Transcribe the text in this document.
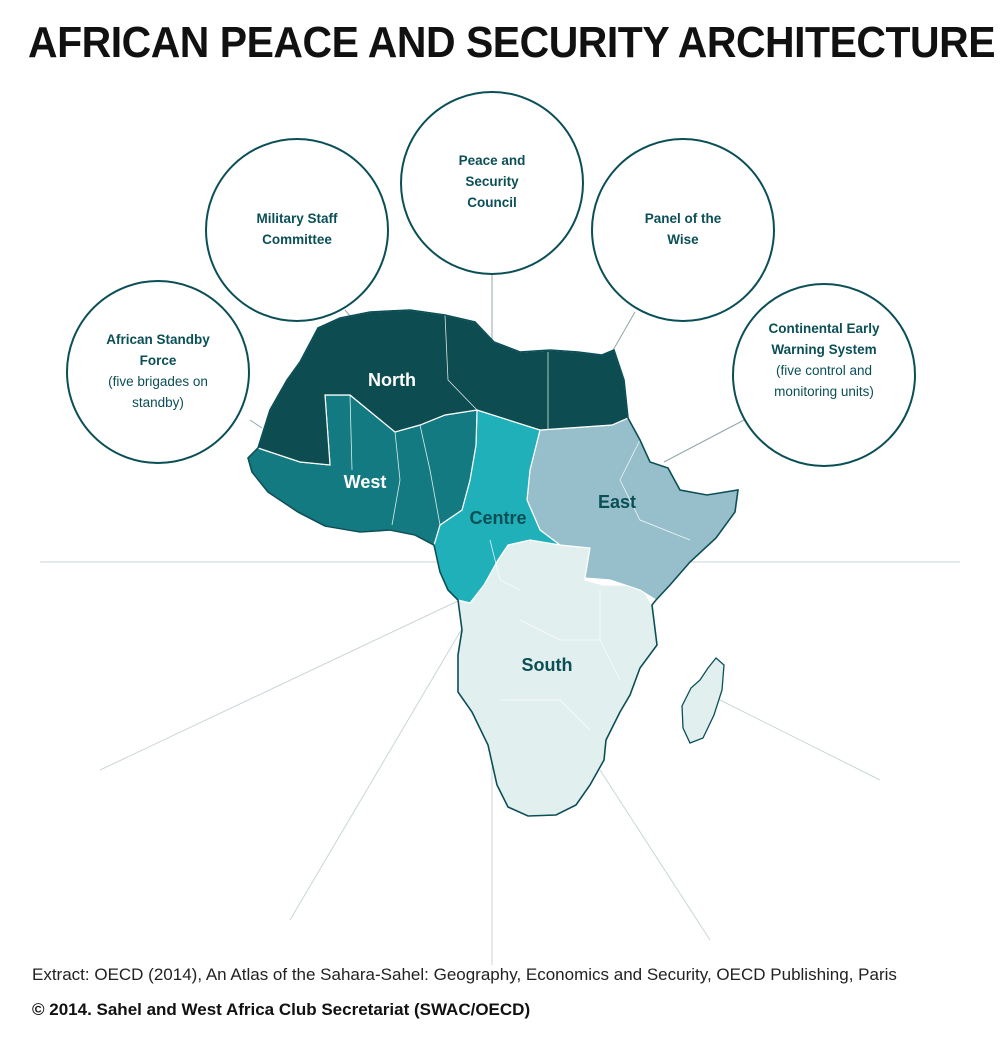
AFRICAN PEACE AND SECURITY ARCHITECTURE
North
West
Centre
East
South
African Standby Force
(five brigades on standby)
Military Staff Committee
Peace and Security Council
Panel of the Wise
Continental Early Warning System
(five control and monitoring units)
Extract: OECD (2014), An Atlas of the Sahara-Sahel: Geography, Economics and Security, OECD Publishing, Paris
© 2014. Sahel and West Africa Club Secretariat (SWAC/OECD)
